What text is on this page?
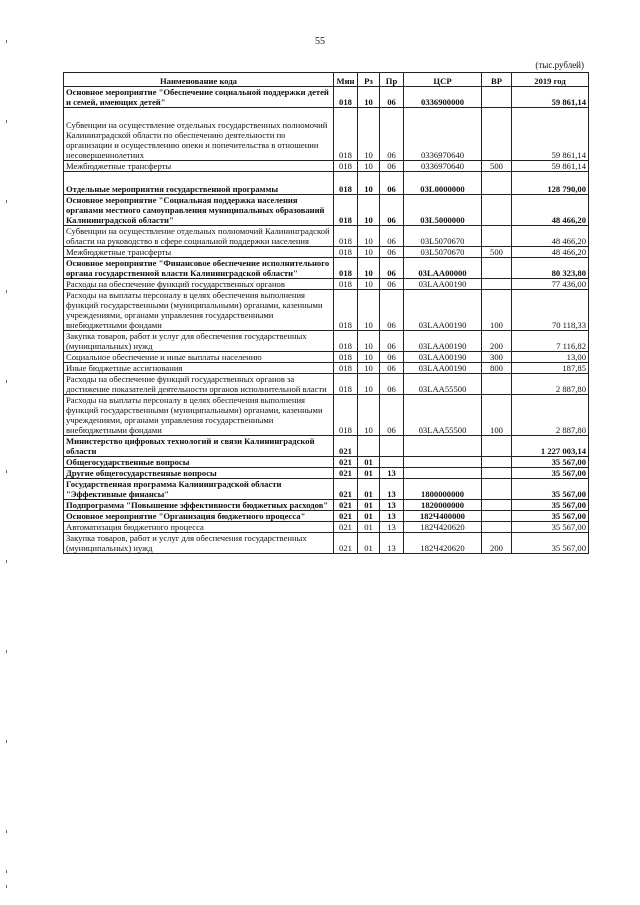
55
(тыс.рублей)
Наименование кода	Мин	Рз	Пр	ЦСР	ВР	2019 год
Основное мероприятие "Обеспечение социальной поддержки детей и семей, имеющих детей"	018	10	06	0336900000		59 861,14
Субвенции на осуществление отдельных государственных полномочий Калининградской области по обеспечению деятельности по организации и осуществлению опеки и попечительства в отношении несовершеннолетних	018	10	06	0336970640		59 861,14
Межбюджетные трансферты	018	10	06	0336970640	500	59 861,14
Отдельные мероприятия государственной программы	018	10	06	03L0000000		128 790,00
Основное мероприятие "Социальная поддержка населения органами местного самоуправления муниципальных образований Калининградской области"	018	10	06	03L5000000		48 466,20
Субвенции на осуществление отдельных полномочий Калининградской области на руководство в сфере социальной поддержки населения	018	10	06	03L5070670		48 466,20
Межбюджетные трансферты	018	10	06	03L5070670	500	48 466,20
Основное мероприятие "Финансовое обеспечение исполнительного органа государственной власти Калининградской области"	018	10	06	03LAA00000		80 323,80
Расходы на обеспечение функций государственных органов	018	10	06	03LAA00190		77 436,00
Расходы на выплаты персоналу в целях обеспечения выполнения функций государственными (муниципальными) органами, казенными учреждениями, органами управления государственными внебюджетными фондами	018	10	06	03LAA00190	100	70 118,33
Закупка товаров, работ и услуг для обеспечения государственных (муниципальных) нужд	018	10	06	03LAA00190	200	7 116,82
Социальное обеспечение и иные выплаты населению	018	10	06	03LAA00190	300	13,00
Иные бюджетные ассигнования	018	10	06	03LAA00190	800	187,85
Расходы на обеспечение функций государственных органов за достижение показателей деятельности органов исполнительной власти	018	10	06	03LAA55500		2 887,80
Расходы на выплаты персоналу в целях обеспечения выполнения функций государственными (муниципальными) органами, казенными учреждениями, органами управления государственными внебюджетными фондами	018	10	06	03LAA55500	100	2 887,80
Министерство цифровых технологий и связи Калининградской области	021					1 227 003,14
Общегосударственные вопросы	021	01				35 567,00
Другие общегосударственные вопросы	021	01	13			35 567,00
Государственная программа Калининградской области "Эффективные финансы"	021	01	13	1800000000		35 567,00
Подпрограмма "Повышение эффективности бюджетных расходов"	021	01	13	1820000000		35 567,00
Основное мероприятие "Организация бюджетного процесса"	021	01	13	182Ч400000		35 567,00
Автоматизация бюджетного процесса	021	01	13	182Ч420620		35 567,00
Закупка товаров, работ и услуг для обеспечения государственных (муниципальных) нужд	021	01	13	182Ч420620	200	35 567,00
